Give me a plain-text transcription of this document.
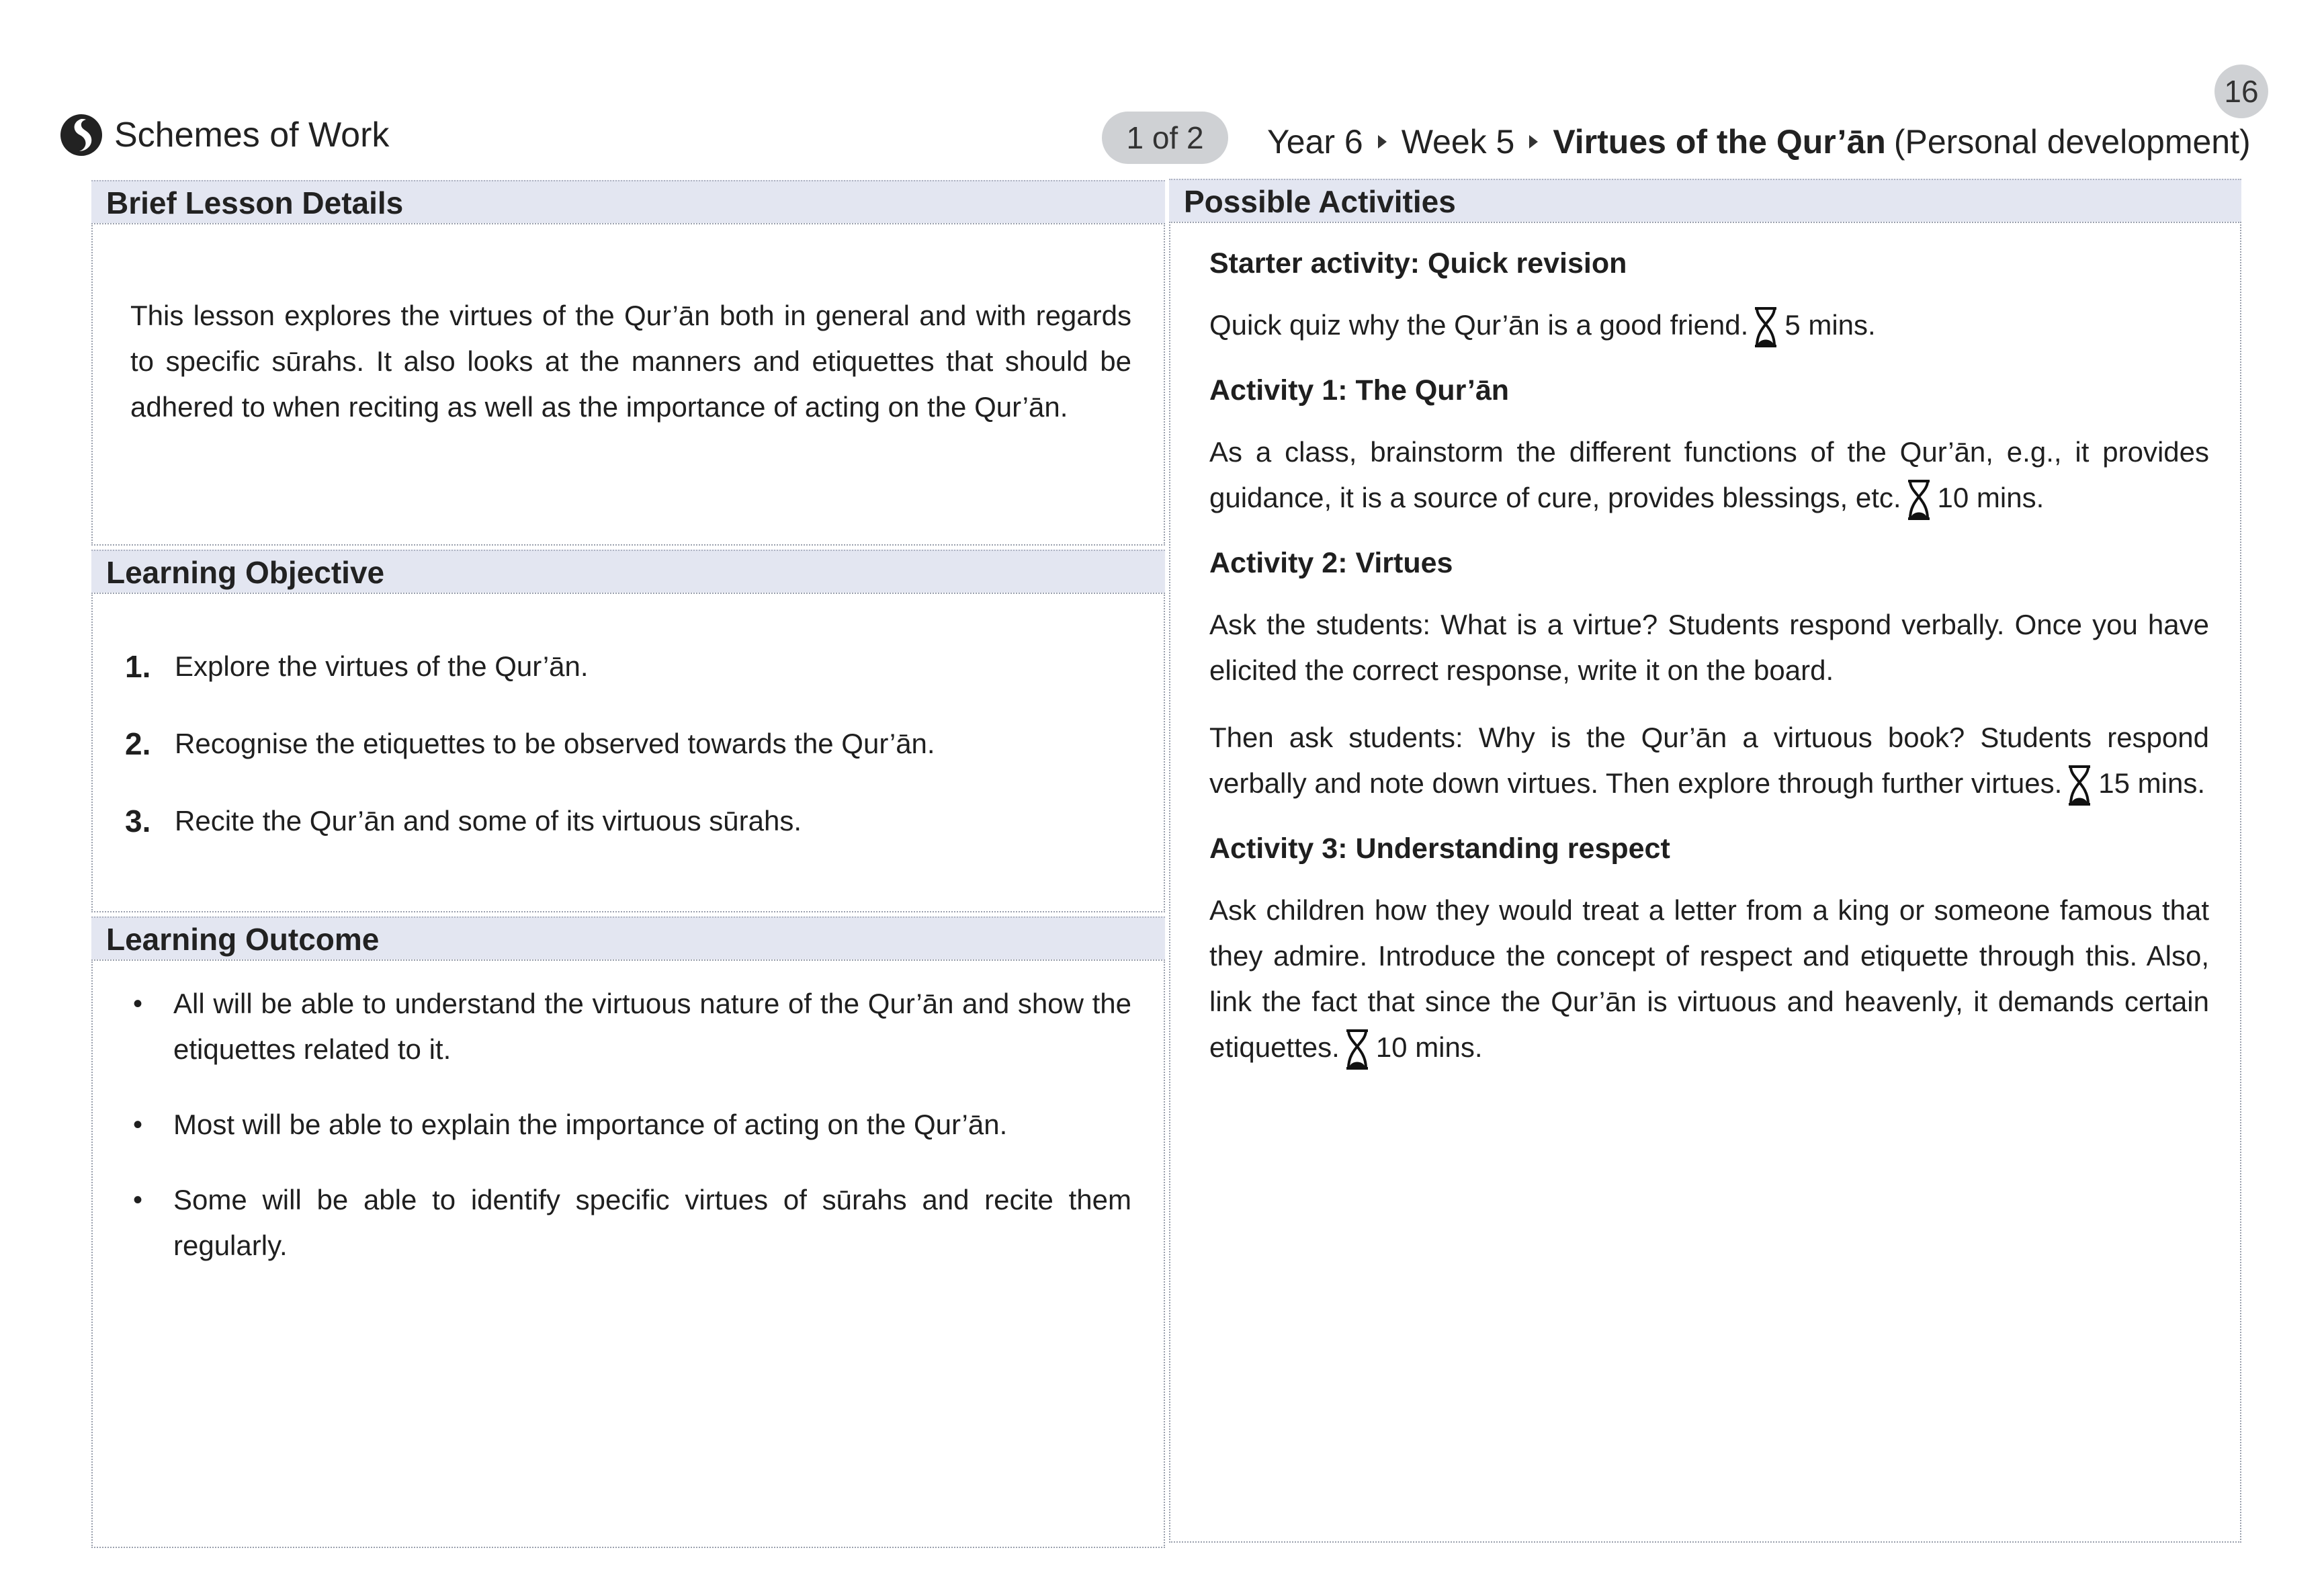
16
Schemes of Work	1 of 2	Year 6 Week 5 Virtues of the Qur’ān (Personal development)
Brief Lesson Details
This lesson explores the virtues of the Qur’ān both in general and with regards to specific sūrahs. It also looks at the manners and etiquettes that should be adhered to when reciting as well as the importance of acting on the Qur’ān.
Learning Objective
1. Explore the virtues of the Qur’ān.
2. Recognise the etiquettes to be observed towards the Qur’ān.
3. Recite the Qur’ān and some of its virtuous sūrahs.
Learning Outcome
•	All will be able to understand the virtuous nature of the Qur’ān and show the etiquettes related to it.
•	Most will be able to explain the importance of acting on the Qur’ān.
•	Some will be able to identify specific virtues of sūrahs and recite them regularly.
Possible Activities
Starter activity: Quick revision

Quick quiz why the Qur’ān is a good friend. 5 mins.

Activity 1: The Qur’ān

As a class, brainstorm the different functions of the Qur’ān, e.g., it provides guidance, it is a source of cure, provides blessings, etc. 10 mins.

Activity 2: Virtues

Ask the students: What is a virtue? Students respond verbally. Once you have elicited the correct response, write it on the board.

Then ask students: Why is the Qur’ān a virtuous book? Students respond verbally and note down virtues. Then explore through further virtues. 15 mins.

Activity 3: Understanding respect

Ask children how they would treat a letter from a king or someone famous that they admire. Introduce the concept of respect and etiquette through this. Also, link the fact that since the Qur’ān is virtuous and heavenly, it demands certain etiquettes. 10 mins.
